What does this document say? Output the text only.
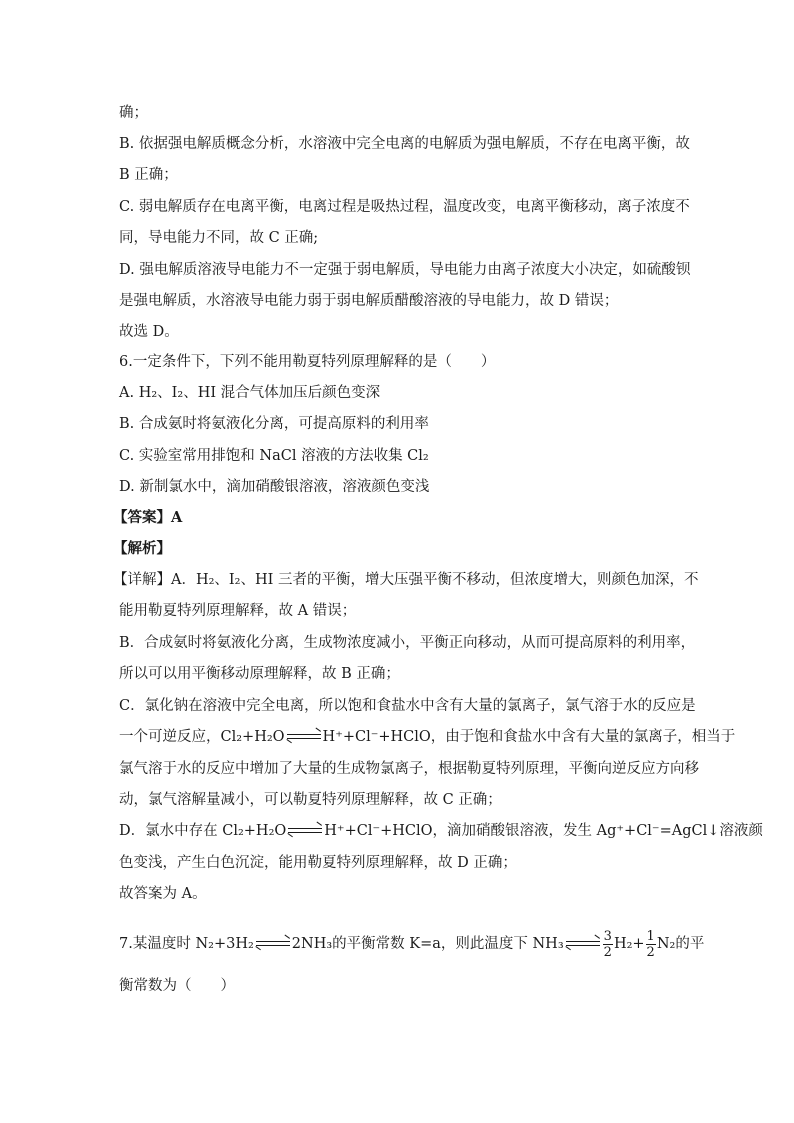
确；
B. 依据强电解质概念分析，水溶液中完全电离的电解质为强电解质，不存在电离平衡，故
B 正确；
C. 弱电解质存在电离平衡，电离过程是吸热过程，温度改变，电离平衡移动，离子浓度不
同，导电能力不同，故 C 正确;
D. 强电解质溶液导电能力不一定强于弱电解质，导电能力由离子浓度大小决定，如硫酸钡
是强电解质，水溶液导电能力弱于弱电解质醋酸溶液的导电能力，故 D 错误；
故选 D。
6.一定条件下，下列不能用勒夏特列原理解释的是（　　）
A. H₂、I₂、HI 混合气体加压后颜色变深
B. 合成氨时将氨液化分离，可提高原料的利用率
C. 实验室常用排饱和 NaCl 溶液的方法收集 Cl₂
D. 新制氯水中，滴加硝酸银溶液，溶液颜色变浅
【答案】A
【解析】
【详解】A．H₂、I₂、HI 三者的平衡，增大压强平衡不移动，但浓度增大，则颜色加深，不
能用勒夏特列原理解释，故 A 错误；
B．合成氨时将氨液化分离，生成物浓度减小，平衡正向移动，从而可提高原料的利用率，
所以可以用平衡移动原理解释，故 B 正确；
C．氯化钠在溶液中完全电离，所以饱和食盐水中含有大量的氯离子，氯气溶于水的反应是
一个可逆反应，Cl₂+H₂O	H⁺+Cl⁻+HClO，由于饱和食盐水中含有大量的氯离子，相当于
氯气溶于水的反应中增加了大量的生成物氯离子，根据勒夏特列原理，平衡向逆反应方向移
动，氯气溶解量减小，可以勒夏特列原理解释，故 C 正确；
D．氯水中存在 Cl₂+H₂O	H⁺+Cl⁻+HClO，滴加硝酸银溶液，发生 Ag⁺+Cl⁻=AgCl↓溶液颜
色变浅，产生白色沉淀，能用勒夏特列原理解释，故 D 正确；
故答案为 A。
7.某温度时 N₂+3H₂	2NH₃的平衡常数 K=a，则此温度下 NH₃	$\frac{3}{2} H_2+ \frac{1}{2} N_2$的平
衡常数为（　　）
